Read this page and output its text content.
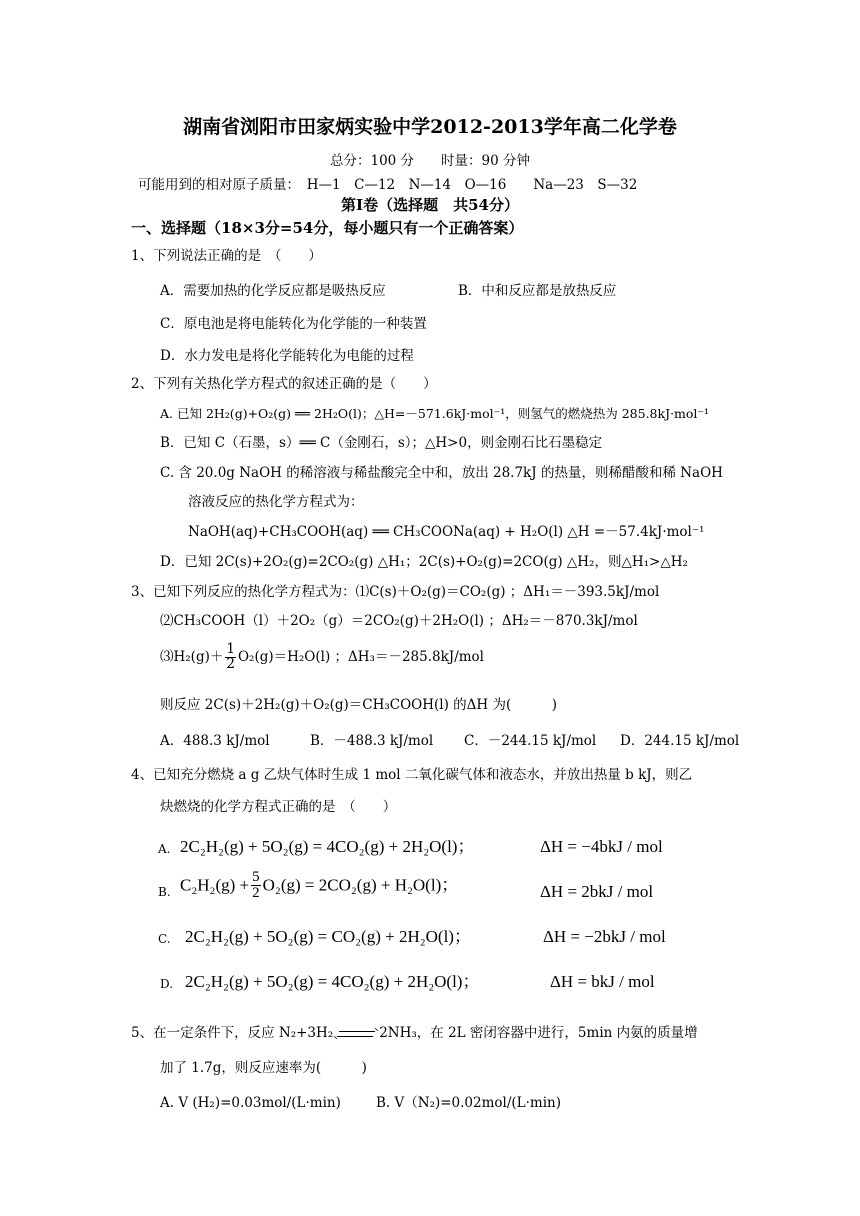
湖南省浏阳市田家炳实验中学2012-2013学年高二化学卷
总分：100 分　　时量：90 分钟
可能用到的相对原子质量：　H—1　C—12　N—14　O—16　　Na—23　S—32
第Ⅰ卷（选择题　共54分）
一、选择题（18×3分=54分，每小题只有一个正确答案）
1、下列说法正确的是　（　　）
A．需要加热的化学反应都是吸热反应	B．中和反应都是放热反应
C．原电池是将电能转化为化学能的一种装置
D．水力发电是将化学能转化为电能的过程
2、下列有关热化学方程式的叙述正确的是（　　）
A. 已知 2H₂(g)+O₂(g) ══ 2H₂O(l)；△H=－571.6kJ·mol⁻¹，则氢气的燃烧热为 285.8kJ·mol⁻¹
B．已知 C（石墨，s）══ C（金刚石，s）；△H>0，则金刚石比石墨稳定
C. 含 20.0g NaOH 的稀溶液与稀盐酸完全中和，放出 28.7kJ 的热量，则稀醋酸和稀 NaOH
溶液反应的热化学方程式为：
NaOH(aq)+CH₃COOH(aq) ══ CH₃COONa(aq) + H₂O(l) △H =－57.4kJ·mol⁻¹
D．已知 2C(s)+2O₂(g)=2CO₂(g) △H₁；2C(s)+O₂(g)=2CO(g) △H₂，则△H₁>△H₂
3、已知下列反应的热化学方程式为：⑴C(s)＋O₂(g)＝CO₂(g) ；ΔH₁＝－393.5kJ/mol
⑵CH₃COOH（l）＋2O₂（g）＝2CO₂(g)＋2H₂O(l) ；ΔH₂＝－870.3kJ/mol
⑶H₂(g)＋ $\frac{1}{2} O_2(g)=H_2O(l)$ ；ΔH₃＝－285.8kJ/mol
则反应 2C(s)＋2H₂(g)＋O₂(g)＝CH₃COOH(l) 的ΔH 为(　　　)
A．488.3 kJ/mol	B．－488.3 kJ/mol C．－244.15 kJ/mol D．244.15 kJ/mol
4、已知充分燃烧 a g 乙炔气体时生成 1 mol 二氧化碳气体和液态水，并放出热量 b kJ，则乙
炔燃烧的化学方程式正确的是　（　　）
A. 2C₂H₂(g) + 5O₂(g) = 4CO₂(g) + 2H₂O(l)；	ΔH = −4bkJ / mol
B. $C_2H_2(g) + \frac{5}{2} O_2(g) = 2CO_2(g) + H_2O(l)$；	ΔH = 2bkJ / mol
C. 2C₂H₂(g) + 5O₂(g) = CO₂(g) + 2H₂O(l)；	ΔH = −2bkJ / mol
D. 2C₂H₂(g) + 5O₂(g) = 4CO₂(g) + 2H₂O(l)；	ΔH = bkJ / mol
5、在一定条件下，反应 N₂+3H₂	2NH₃，在 2L 密闭容器中进行，5min 内氨的质量增
加了 1.7g，则反应速率为(　　　)
A. V (H₂)=0.03mol/(L·min)	B. V（N₂)=0.02mol/(L·min)
